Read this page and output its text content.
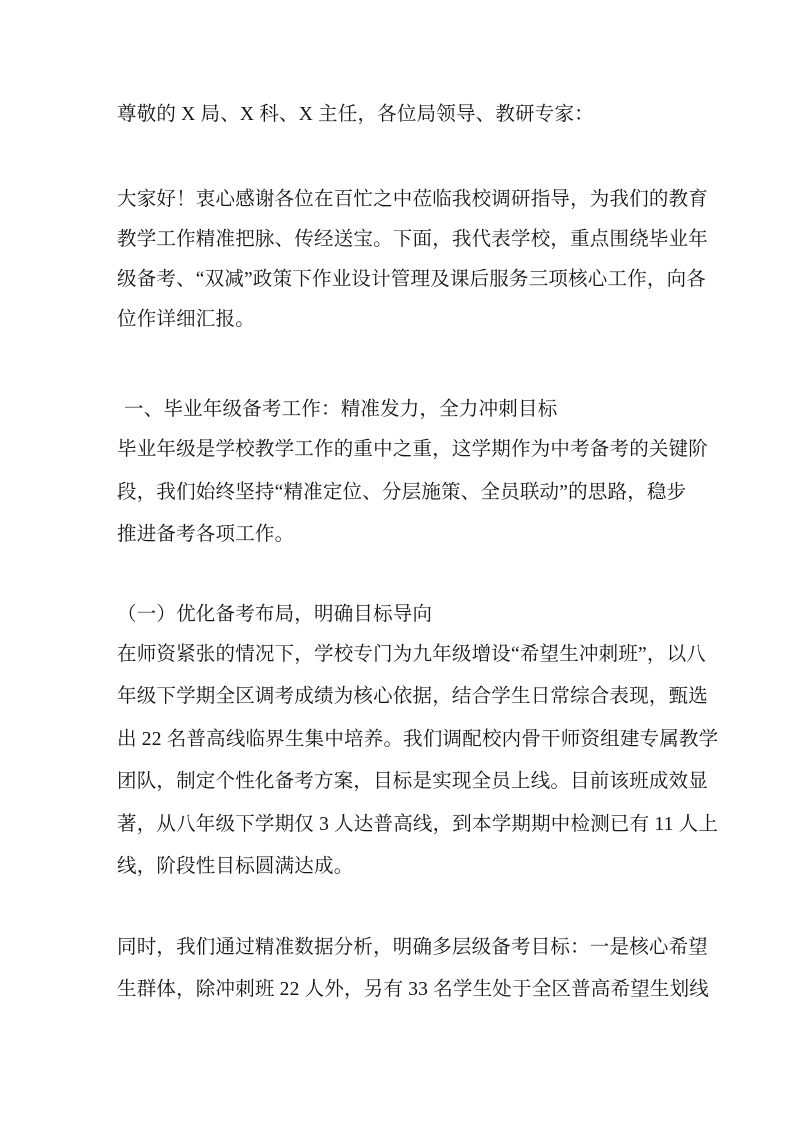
尊敬的 X 局、X 科、X 主任，各位局领导、教研专家：
大家好！衷心感谢各位在百忙之中莅临我校调研指导，为我们的教育
教学工作精准把脉、传经送宝。下面，我代表学校，重点围绕毕业年
级备考、“双减”政策下作业设计管理及课后服务三项核心工作，向各
位作详细汇报。
一、毕业年级备考工作：精准发力，全力冲刺目标
毕业年级是学校教学工作的重中之重，这学期作为中考备考的关键阶
段，我们始终坚持“精准定位、分层施策、全员联动”的思路，稳步
推进备考各项工作。
（一）优化备考布局，明确目标导向
在师资紧张的情况下，学校专门为九年级增设“希望生冲刺班”，以八
年级下学期全区调考成绩为核心依据，结合学生日常综合表现，甄选
出 22 名普高线临界生集中培养。我们调配校内骨干师资组建专属教学
团队，制定个性化备考方案，目标是实现全员上线。目前该班成效显
著，从八年级下学期仅 3 人达普高线，到本学期期中检测已有 11 人上
线，阶段性目标圆满达成。
同时，我们通过精准数据分析，明确多层级备考目标：一是核心希望
生群体，除冲刺班 22 人外，另有 33 名学生处于全区普高希望生划线
